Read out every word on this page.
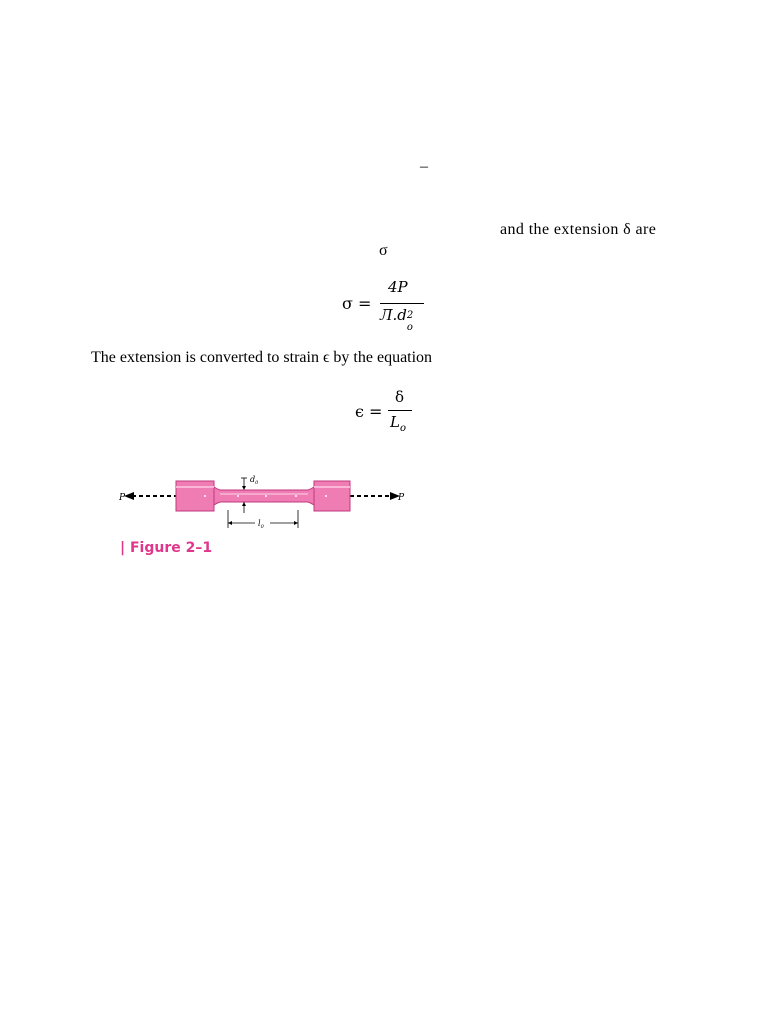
–
and the extension δ are
σ
σ =
4P
Л.d 2
o
The extension is converted to strain ϵ by the equation
ϵ =
δ
$L_o$
P	P
$d_0$
$l_0$
| Figure 2–1
